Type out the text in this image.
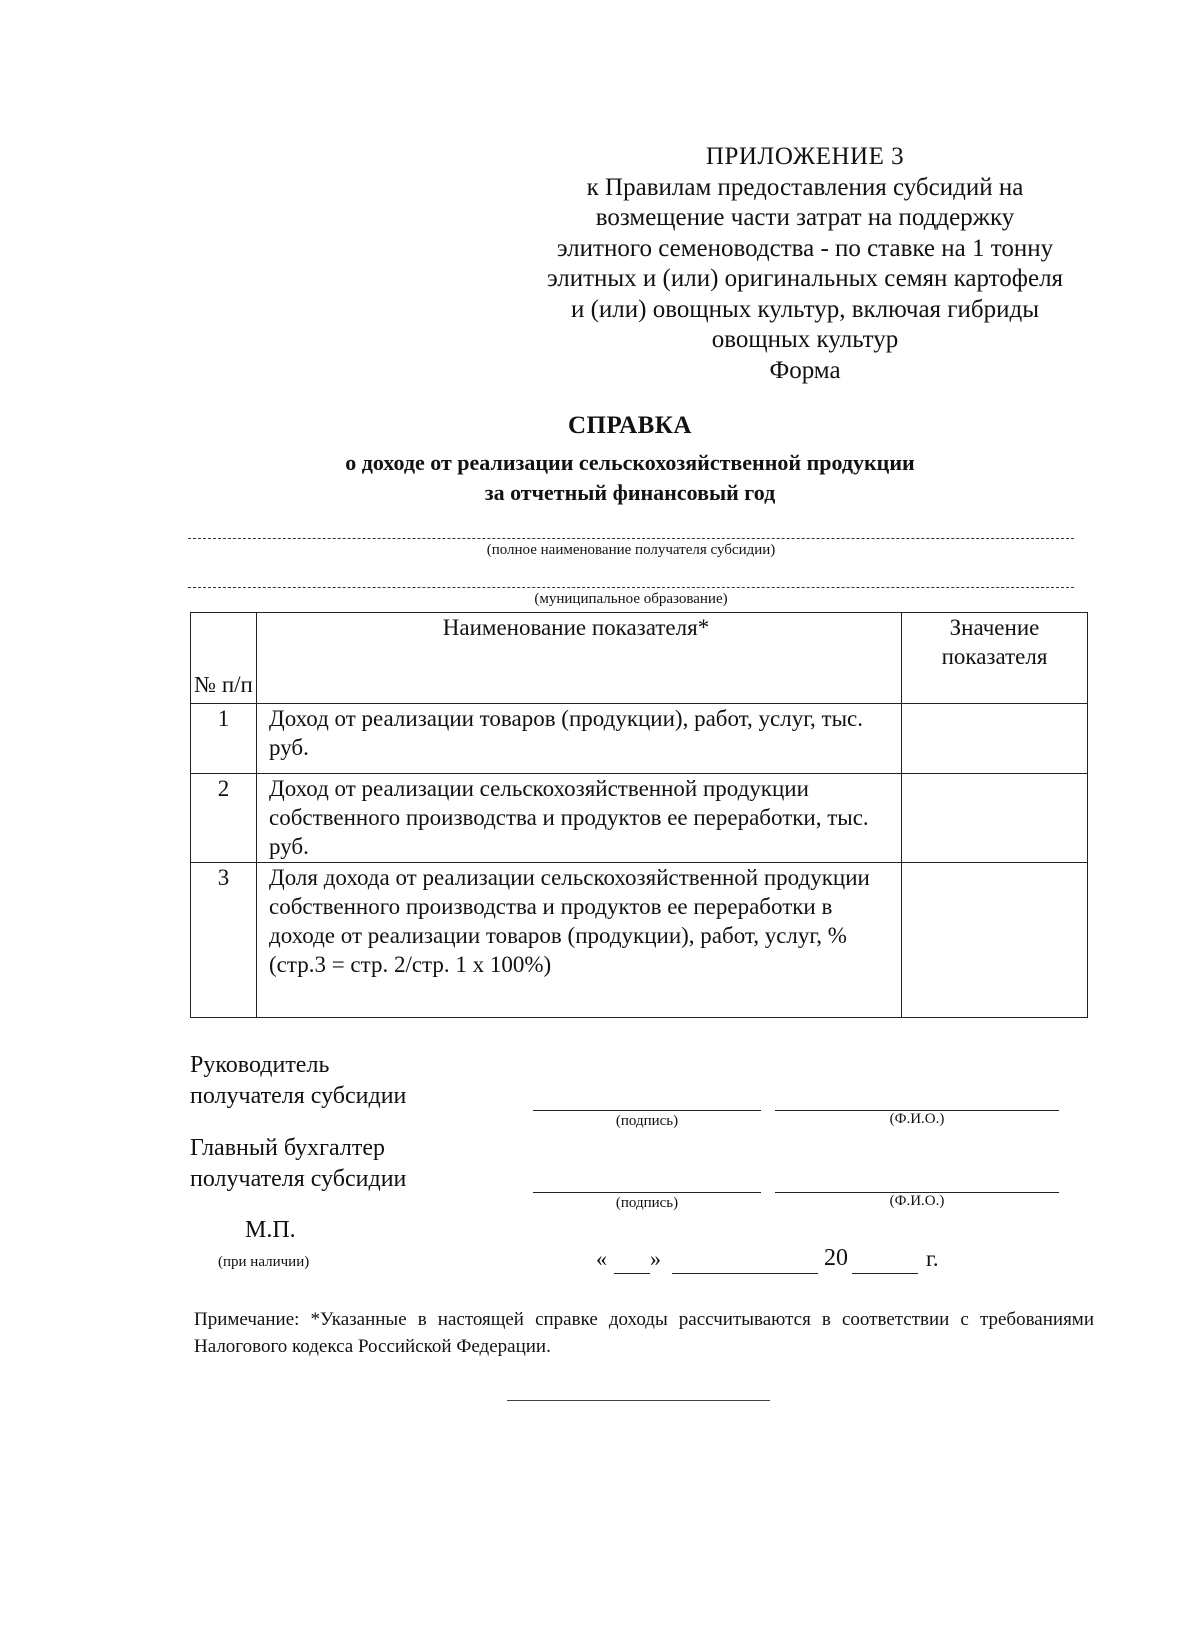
ПРИЛОЖЕНИЕ 3
к Правилам предоставления субсидий на
возмещение части затрат на поддержку
элитного семеноводства - по ставке на 1 тонну
элитных и (или) оригинальных семян картофеля
и (или) овощных культур, включая гибриды
овощных культур
Форма
СПРАВКА
о доходе от реализации сельскохозяйственной продукции
за отчетный финансовый год
(полное наименование получателя субсидии)
(муниципальное образование)
№ п/п	Наименование показателя*	Значение показателя
1	Доход от реализации товаров (продукции), работ, услуг, тыс. руб.	
2	Доход от реализации сельскохозяйственной продукции собственного производства и продуктов ее переработки, тыс. руб.	
3	Доля дохода от реализации сельскохозяйственной продукции собственного производства и продуктов ее переработки в доходе от реализации товаров (продукции), работ, услуг, % (стр.3 = стр. 2/стр. 1 х 100%)	
Руководитель
получателя субсидии
(подпись)	(Ф.И.О.)
Главный бухгалтер
получателя субсидии
(подпись)	(Ф.И.О.)
М.П.
(при наличии)	« »	20	г.
Примечание: *Указанные в настоящей справке доходы рассчитываются в соответствии с требованиями Налогового кодекса Российской Федерации.
